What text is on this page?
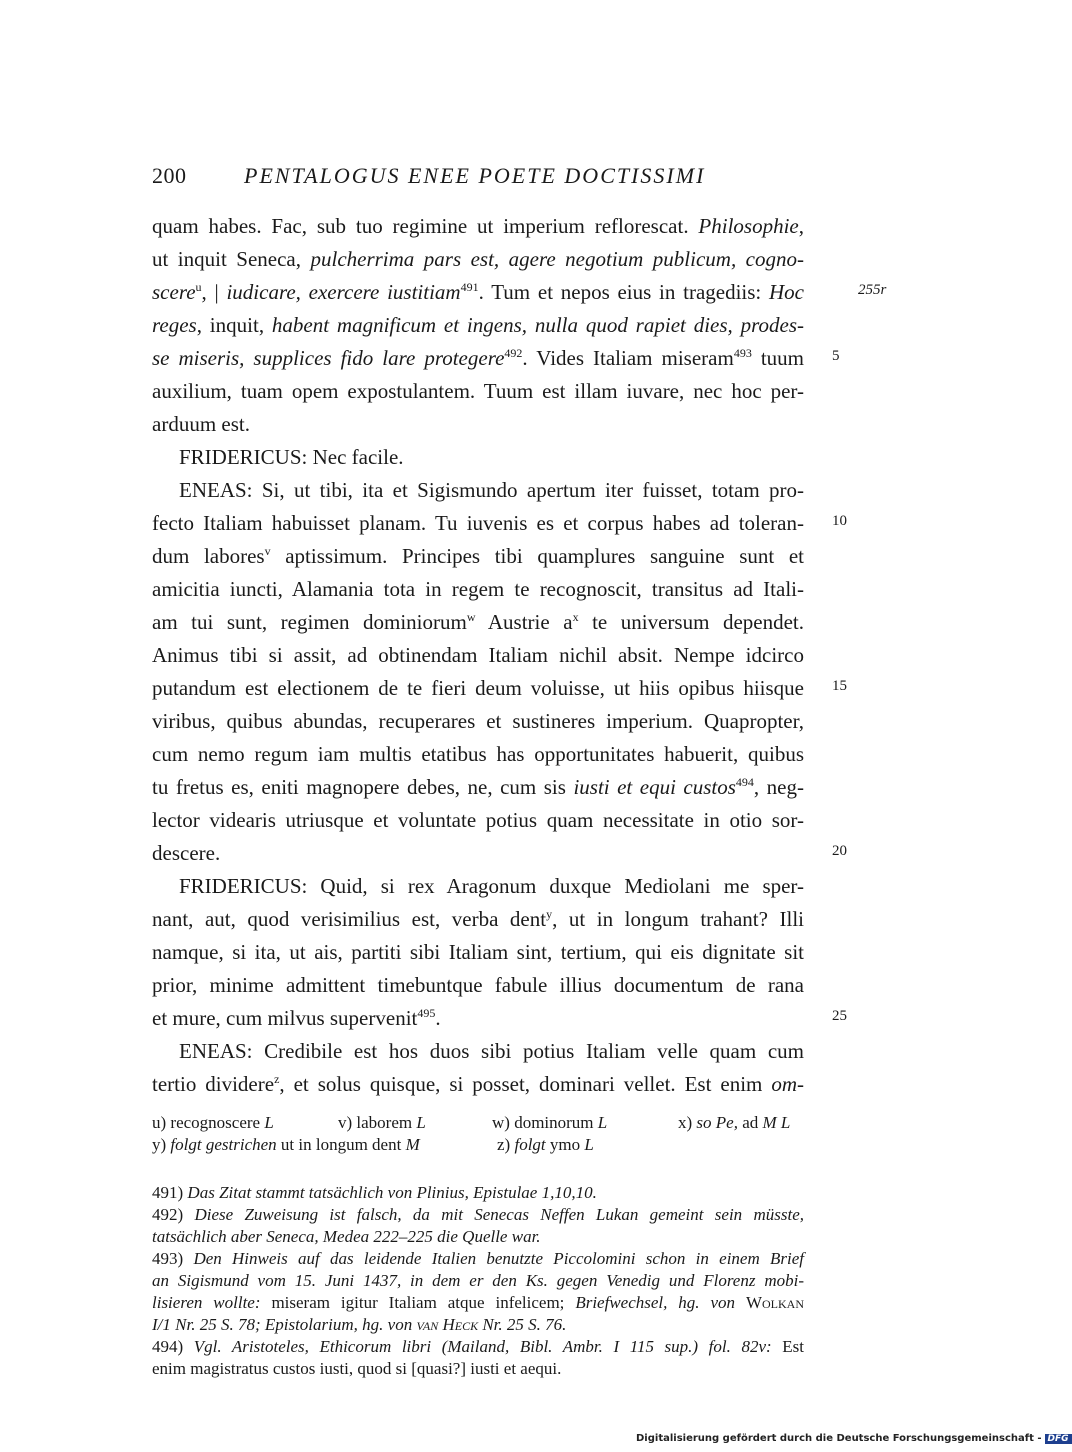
200	PENTALOGUS ENEE POETE DOCTISSIMI
quam habes. Fac, sub tuo regimine ut imperium reflorescat. Philosophie,
ut inquit Seneca, pulcherrima pars est, agere negotium publicum, cogno-
scere$^u$, | iudicare, exercere iustitiam$^{491}$. Tum et nepos eius in tragediis: Hoc
reges, inquit, habent magnificum et ingens, nulla quod rapiet dies, prodes-
se miseris, supplices fido lare protegere$^{492}$. Vides Italiam miseram$^{493}$ tuum
auxilium, tuam opem expostulantem. Tuum est illam iuvare, nec hoc per-
arduum est.
FRIDERICUS: Nec facile.
ENEAS: Si, ut tibi, ita et Sigismundo apertum iter fuisset, totam pro-
fecto Italiam habuisset planam. Tu iuvenis es et corpus habes ad toleran-
dum labores$^v$ aptissimum. Principes tibi quamplures sanguine sunt et
amicitia iuncti, Alamania tota in regem te recognoscit, transitus ad Itali-
am tui sunt, regimen dominiorum$^w$ Austrie $a^x$ te universum dependet.
Animus tibi si assit, ad obtinendam Italiam nichil absit. Nempe idcirco
putandum est electionem de te fieri deum voluisse, ut hiis opibus hiisque
viribus, quibus abundas, recuperares et sustineres imperium. Quapropter,
cum nemo regum iam multis etatibus has opportunitates habuerit, quibus
tu fretus es, eniti magnopere debes, ne, cum sis iusti et equi custos$^{494}$, neg-
lector videaris utriusque et voluntate potius quam necessitate in otio sor-
descere.
FRIDERICUS: Quid, si rex Aragonum duxque Mediolani me sper-
nant, aut, quod verisimilius est, verba dent$^y$, ut in longum trahant? Illi
namque, si ita, ut ais, partiti sibi Italiam sint, tertium, qui eis dignitate sit
prior, minime admittent timebuntque fabule illius documentum de rana
et mure, cum milvus supervenit$^{495}$.
ENEAS: Credibile est hos duos sibi potius Italiam velle quam cum
tertio dividere$^z$, et solus quisque, si posset, dominari vellet. Est enim om-
255r
5
10
15
20
25
u) recognoscere L	v) laborem L	w) dominorum L	x) so Pe, ad M L
y) folgt gestrichen ut in longum dent M	z) folgt ymo L
491) Das Zitat stammt tatsächlich von Plinius, Epistulae 1,10,10.
492) Diese Zuweisung ist falsch, da mit Senecas Neffen Lukan gemeint sein müsste,
tatsächlich aber Seneca, Medea 222–225 die Quelle war.
493) Den Hinweis auf das leidende Italien benutzte Piccolomini schon in einem Brief
an Sigismund vom 15. Juni 1437, in dem er den Ks. gegen Venedig und Florenz mobi-
lisieren wollte: miseram igitur Italiam atque infelicem; Briefwechsel, hg. von Wolkan
I/1 Nr. 25 S. 78; Epistolarium, hg. von van Heck Nr. 25 S. 76.
494) Vgl. Aristoteles, Ethicorum libri (Mailand, Bibl. Ambr. I 115 sup.) fol. 82v: Est
enim magistratus custos iusti, quod si [quasi?] iusti et aequi.
Digitalisierung gefördert durch die Deutsche Forschungsgemeinschaft - DFG
